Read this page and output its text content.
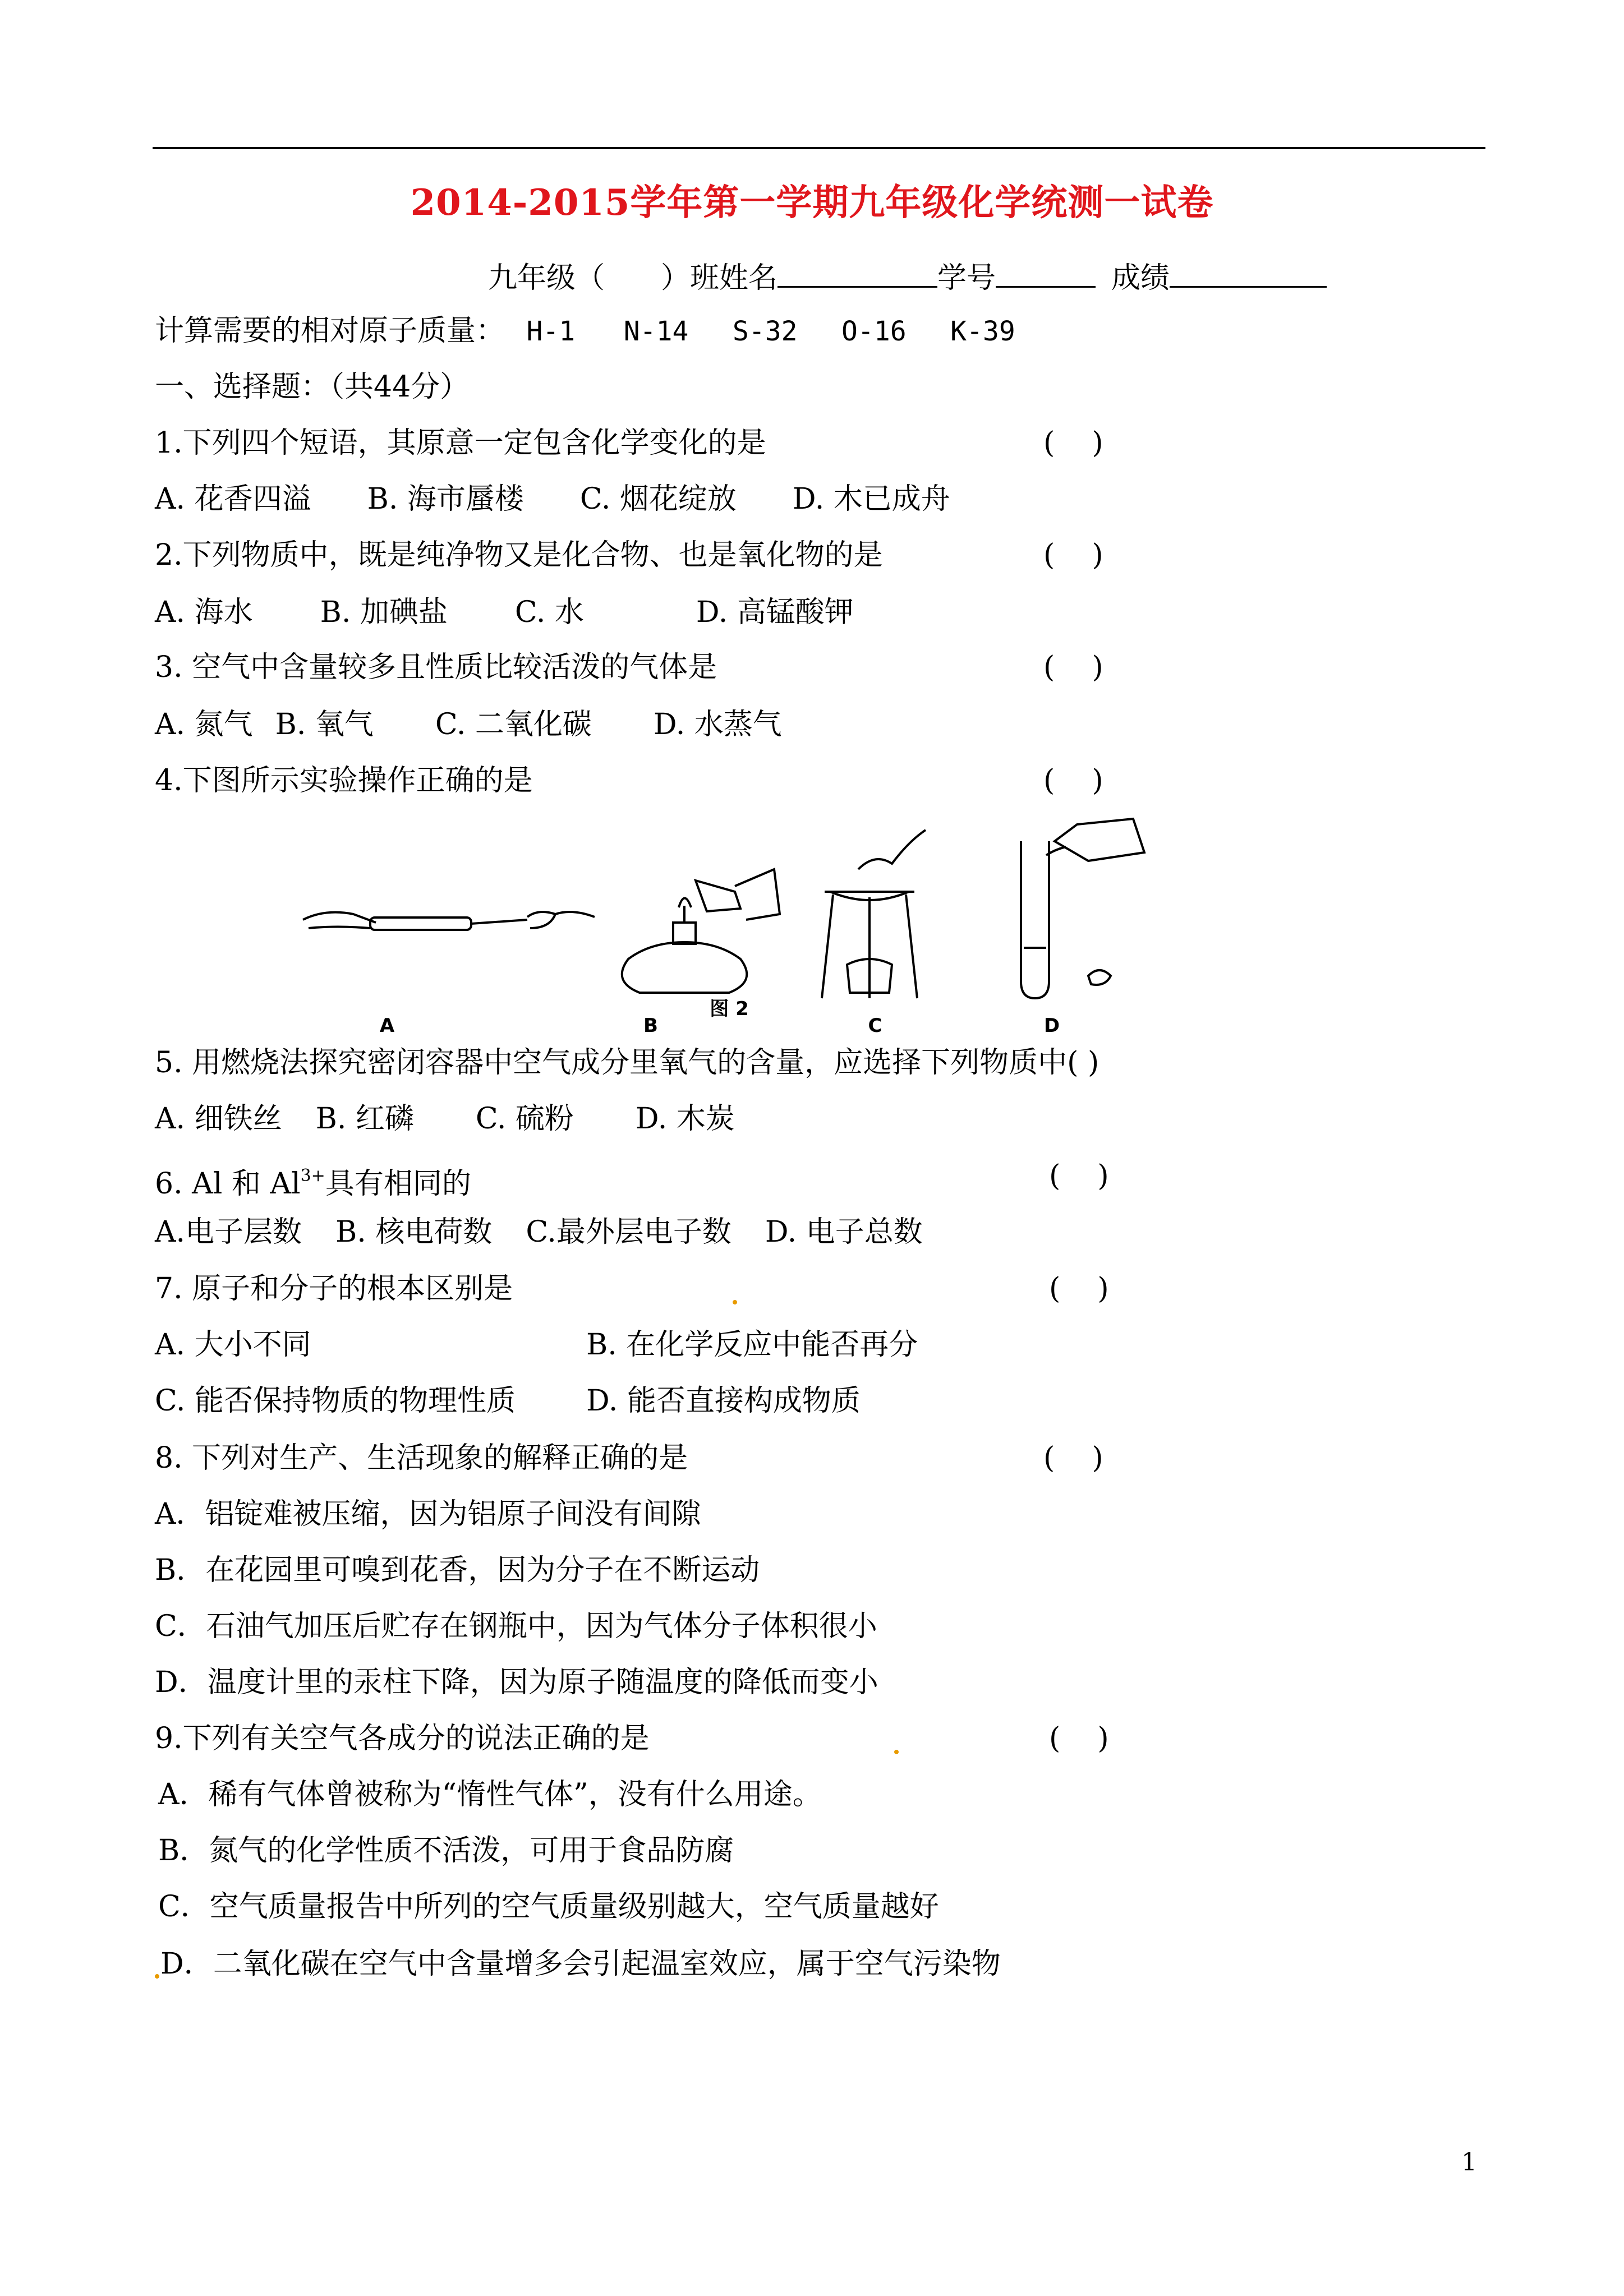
2014-2015学年第一学期九年级化学统测一试卷
九年级（ ）班姓名	学号	成绩
计算需要的相对原子质量： H-1 N-14 S-32 O-16 K-39
一、选择题：（共44分）
1.下列四个短语，其原意一定包含化学变化的是	(    )
A. 花香四溢 B. 海市蜃楼 C. 烟花绽放 D. 木已成舟
2.下列物质中，既是纯净物又是化合物、也是氧化物的是	(    )
A. 海水 B. 加碘盐 C. 水	D. 高锰酸钾
3. 空气中含量较多且性质比较活泼的气体是	(    )
A. 氮气 B. 氧气 C. 二氧化碳 D. 水蒸气
4.下图所示实验操作正确的是	(    )
A	B	C	D
图 2
5. 用燃烧法探究密闭容器中空气成分里氧气的含量，应选择下列物质中( )
A. 细铁丝 B. 红磷 C. 硫粉 D. 木炭
6. Al 和 $Al^{3+}$具有相同的	(    )
A.电子层数 B. 核电荷数 C.最外层电子数 D. 电子总数
7. 原子和分子的根本区别是	(    )
A. 大小不同	B. 在化学反应中能否再分
C. 能否保持物质的物理性质 D. 能否直接构成物质
8. 下列对生产、生活现象的解释正确的是	(    )
A．铝锭难被压缩，因为铝原子间没有间隙
B．在花园里可嗅到花香，因为分子在不断运动
C．石油气加压后贮存在钢瓶中，因为气体分子体积很小
D．温度计里的汞柱下降，因为原子随温度的降低而变小
9.下列有关空气各成分的说法正确的是	(    )
A．稀有气体曾被称为“惰性气体”，没有什么用途。
B．氮气的化学性质不活泼，可用于食品防腐
C．空气质量报告中所列的空气质量级别越大，空气质量越好
D．二氧化碳在空气中含量增多会引起温室效应，属于空气污染物
1
